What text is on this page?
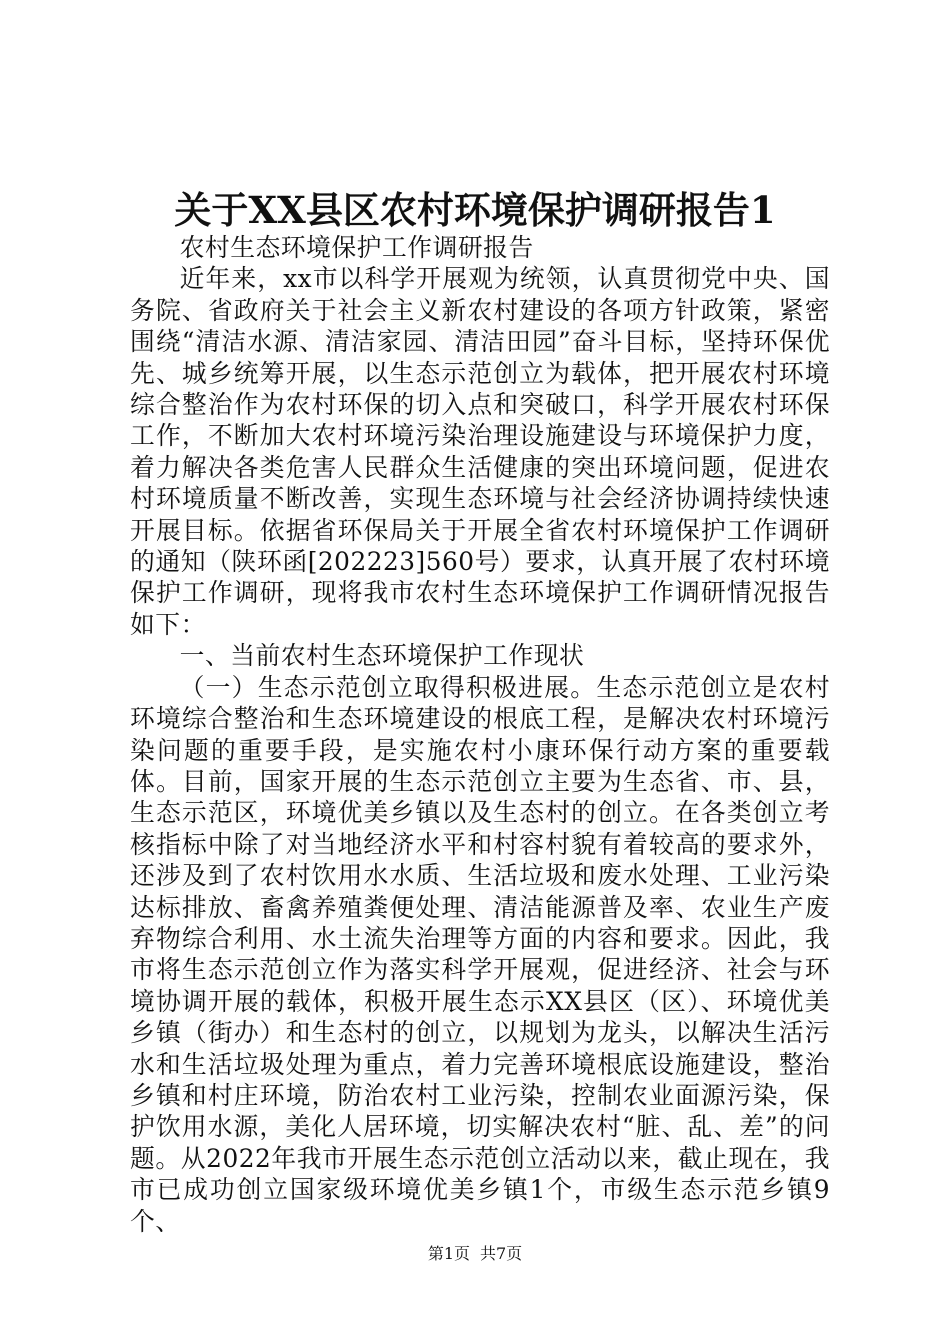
关于XX县区农村环境保护调研报告1

农村生态环境保护工作调研报告

近年来，xx市以科学开展观为统领，认真贯彻党中央、国务院、省政府关于社会主义新农村建设的各项方针政策，紧密围绕“清洁水源、清洁家园、清洁田园”奋斗目标，坚持环保优先、城乡统筹开展，以生态示范创立为载体，把开展农村环境综合整治作为农村环保的切入点和突破口，科学开展农村环保工作，不断加大农村环境污染治理设施建设与环境保护力度，着力解决各类危害人民群众生活健康的突出环境问题，促进农村环境质量不断改善，实现生态环境与社会经济协调持续快速开展目标。依据省环保局关于开展全省农村环境保护工作调研的通知（陕环函[202223]560号）要求，认真开展了农村环境保护工作调研，现将我市农村生态环境保护工作调研情况报告如下：

一、当前农村生态环境保护工作现状

（一）生态示范创立取得积极进展。生态示范创立是农村环境综合整治和生态环境建设的根底工程，是解决农村环境污染问题的重要手段，是实施农村小康环保行动方案的重要载体。目前，国家开展的生态示范创立主要为生态省、市、县，生态示范区，环境优美乡镇以及生态村的创立。在各类创立考核指标中除了对当地经济水平和村容村貌有着较高的要求外，还涉及到了农村饮用水水质、生活垃圾和废水处理、工业污染达标排放、畜禽养殖粪便处理、清洁能源普及率、农业生产废弃物综合利用、水土流失治理等方面的内容和要求。因此，我市将生态示范创立作为落实科学开展观，促进经济、社会与环境协调开展的载体，积极开展生态示XX县区（区）、环境优美乡镇（街办）和生态村的创立，以规划为龙头，以解决生活污水和生活垃圾处理为重点，着力完善环境根底设施建设，整治乡镇和村庄环境，防治农村工业污染，控制农业面源污染，保护饮用水源，美化人居环境，切实解决农村“脏、乱、差”的问题。从2022年我市开展生态示范创立活动以来，截止现在，我市已成功创立国家级环境优美乡镇1个，市级生态示范乡镇9个、

第1页 共7页
